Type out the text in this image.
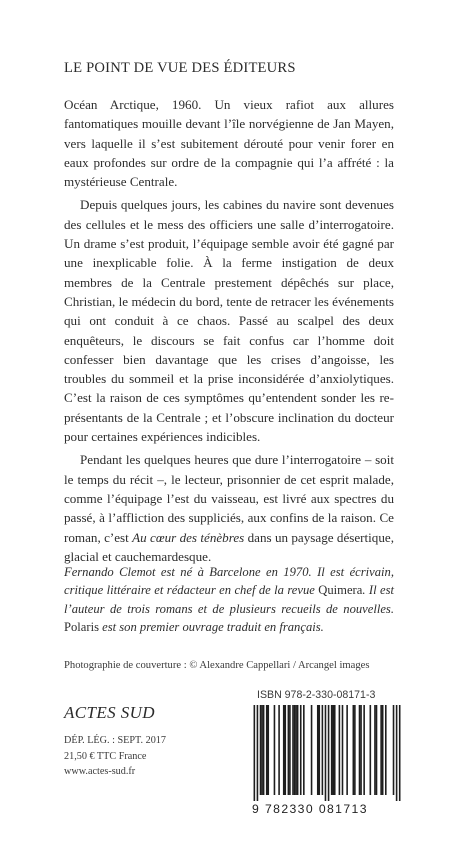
LE POINT DE VUE DES ÉDITEURS

Océan Arctique, 1960. Un vieux rafiot aux allures fantomatiques mouille devant l’île norvégienne de Jan Mayen, vers laquelle il s’est subitement dérouté pour venir forer en eaux profondes sur ordre de la compagnie qui l’a affrété : la mystérieuse Centrale.

Depuis quelques jours, les cabines du navire sont devenues des cellules et le mess des officiers une salle d’interrogatoire. Un drame s’est produit, l’équipage semble avoir été gagné par une inexplicable folie. À la ferme instigation de deux membres de la Centrale prestement dépêchés sur place, Christian, le médecin du bord, tente de retracer les événements qui ont conduit à ce chaos. Passé au scalpel des deux enquêteurs, le discours se fait confus car l’homme doit confesser bien davantage que les crises d’angoisse, les troubles du sommeil et la prise inconsidérée d’anxiolytiques. C’est la raison de ces symptômes qu’entendent sonder les représentants de la Centrale ; et l’obscure inclination du docteur pour certaines expériences indicibles.

Pendant les quelques heures que dure l’interrogatoire – soit le temps du récit –, le lecteur, prisonnier de cet esprit malade, comme l’équipage l’est du vaisseau, est livré aux spectres du passé, à l’affliction des suppliciés, aux confins de la raison. Ce roman, c’est Au cœur des ténèbres dans un paysage désertique, glacial et cauchemardesque.

Fernando Clemot est né à Barcelone en 1970. Il est écrivain, critique littéraire et rédacteur en chef de la revue Quimera. Il est l’auteur de trois romans et de plusieurs recueils de nouvelles. Polaris est son premier ouvrage traduit en français.
Photographie de couverture : © Alexandre Cappellari / Arcangel images
ISBN 978-2-330-08171-3
ACTES SUD
DÉP. LÉG. : SEPT. 2017
21,50 € TTC France
www.actes-sud.fr
9 782330 081713
